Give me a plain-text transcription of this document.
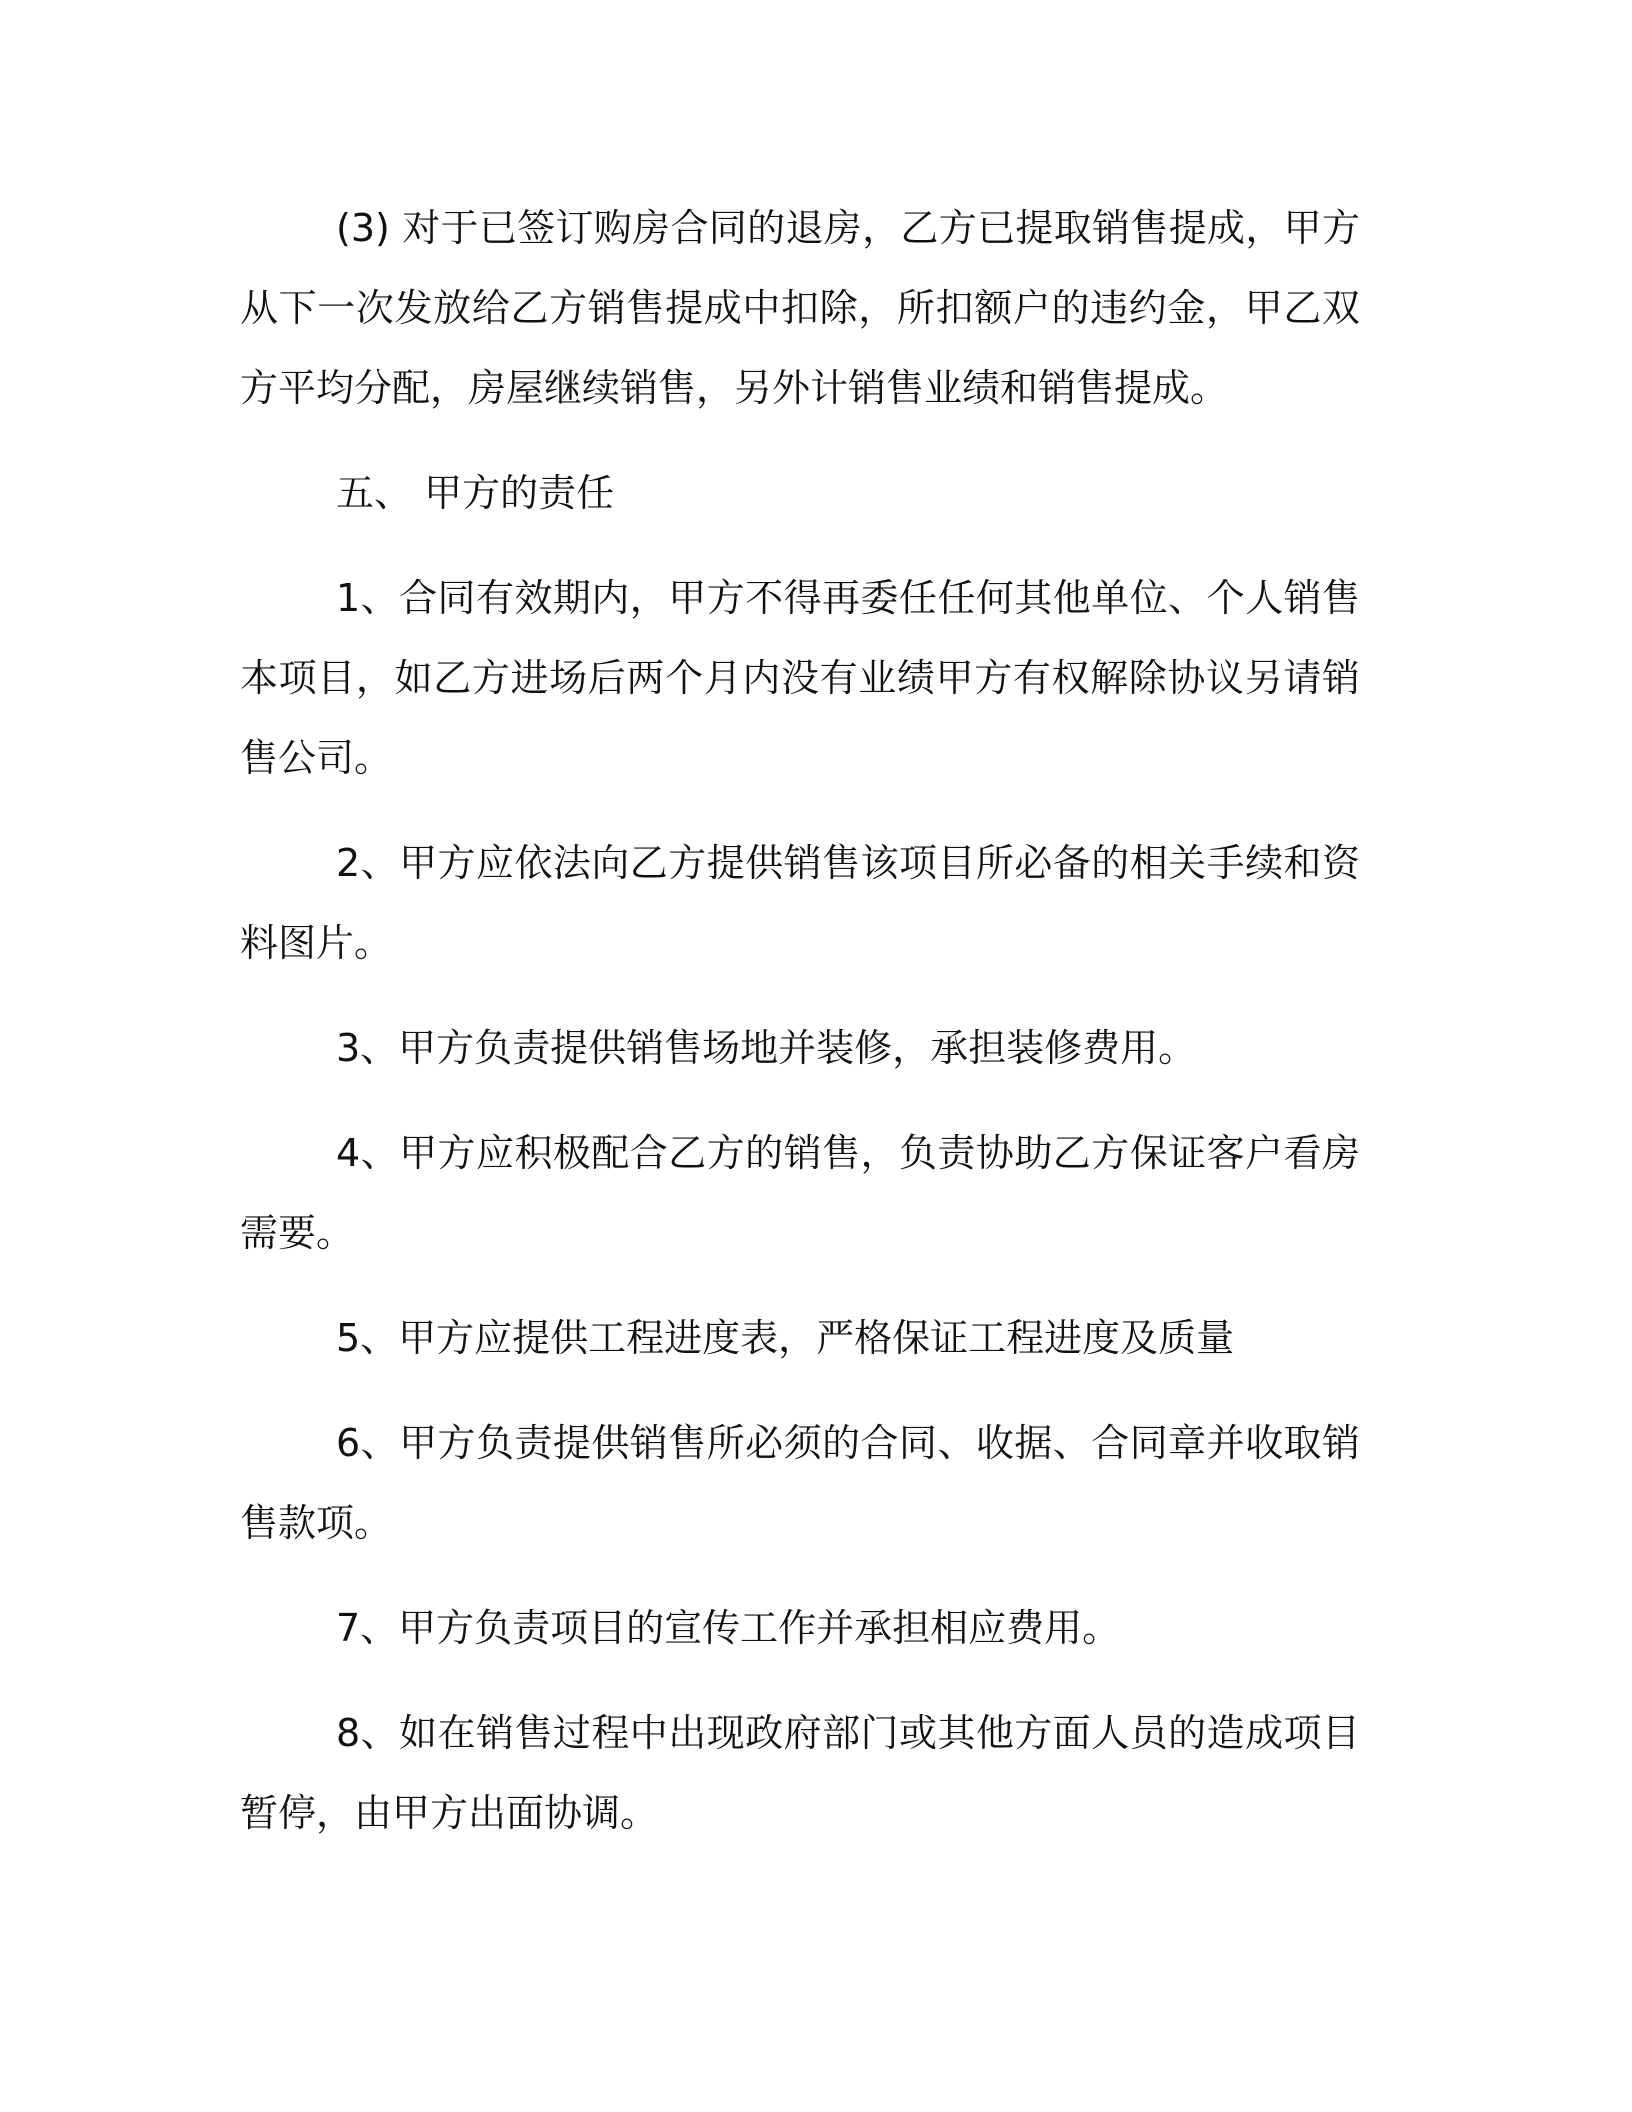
(3) 对于已签订购房合同的退房，乙方已提取销售提成，甲方从下一次发放给乙方销售提成中扣除，所扣额户的违约金，甲乙双方平均分配，房屋继续销售，另外计销售业绩和销售提成。

五、 甲方的责任

1、合同有效期内，甲方不得再委任任何其他单位、个人销售本项目，如乙方进场后两个月内没有业绩甲方有权解除协议另请销售公司。

2、甲方应依法向乙方提供销售该项目所必备的相关手续和资料图片。

3、甲方负责提供销售场地并装修，承担装修费用。

4、甲方应积极配合乙方的销售，负责协助乙方保证客户看房需要。

5、甲方应提供工程进度表，严格保证工程进度及质量

6、甲方负责提供销售所必须的合同、收据、合同章并收取销售款项。

7、甲方负责项目的宣传工作并承担相应费用。

8、如在销售过程中出现政府部门或其他方面人员的造成项目暂停，由甲方出面协调。
